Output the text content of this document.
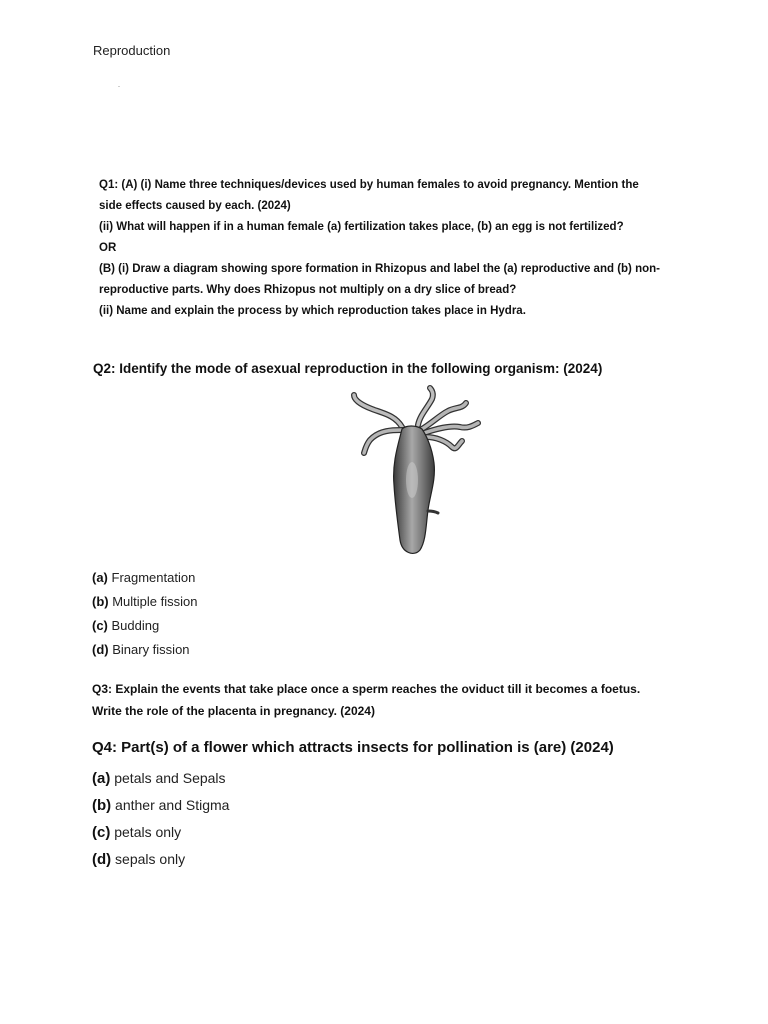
Reproduction
Q1: (A) (i) Name three techniques/devices used by human females to avoid pregnancy. Mention the
side effects caused by each. (2024)
(ii) What will happen if in a human female (a) fertilization takes place, (b) an egg is not fertilized?
OR
(B) (i) Draw a diagram showing spore formation in Rhizopus and label the (a) reproductive and (b) non-
reproductive parts. Why does Rhizopus not multiply on a dry slice of bread?
(ii) Name and explain the process by which reproduction takes place in Hydra.
Q2: Identify the mode of asexual reproduction in the following organism: (2024)
(a) Fragmentation
(b) Multiple fission
(c) Budding
(d) Binary fission
Q3: Explain the events that take place once a sperm reaches the oviduct till it becomes a foetus.
Write the role of the placenta in pregnancy. (2024)
Q4: Part(s) of a flower which attracts insects for pollination is (are) (2024)
(a) petals and Sepals
(b) anther and Stigma
(c) petals only
(d) sepals only
